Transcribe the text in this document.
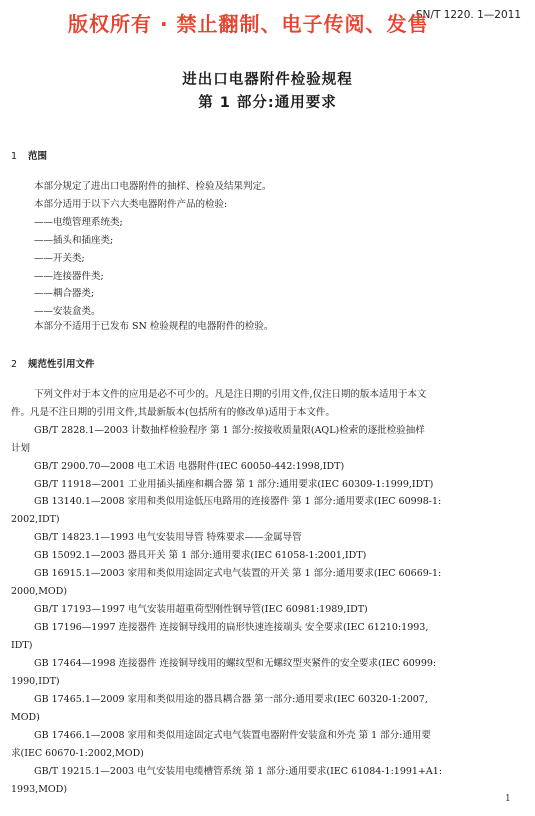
版权所有 · 禁止翻制、电子传阅、发售
SN/T 1220. 1—2011
进出口电器附件检验规程
第 1 部分:通用要求
1 范围
本部分规定了进出口电器附件的抽样、检验及结果判定。
本部分适用于以下六大类电器附件产品的检验:
——电缆管理系统类;
——插头和插座类;
——开关类;
——连接器件类;
——耦合器类;
——安装盒类。
本部分不适用于已发布 SN 检验规程的电器附件的检验。
2 规范性引用文件
下列文件对于本文件的应用是必不可少的。凡是注日期的引用文件,仅注日期的版本适用于本文
件。凡是不注日期的引用文件,其最新版本(包括所有的修改单)适用于本文件。
GB/T 2828.1—2003 计数抽样检验程序 第 1 部分:按接收质量限(AQL)检索的逐批检验抽样
计划
GB/T 2900.70—2008 电工术语 电器附件(IEC 60050-442:1998,IDT)
GB/T 11918—2001 工业用插头插座和耦合器 第 1 部分:通用要求(IEC 60309-1:1999,IDT)
GB 13140.1—2008 家用和类似用途低压电路用的连接器件 第 1 部分:通用要求(IEC 60998-1:
2002,IDT)
GB/T 14823.1—1993 电气安装用导管 特殊要求——金属导管
GB 15092.1—2003 器具开关 第 1 部分:通用要求(IEC 61058-1:2001,IDT)
GB 16915.1—2003 家用和类似用途固定式电气装置的开关 第 1 部分:通用要求(IEC 60669-1:
2000,MOD)
GB/T 17193—1997 电气安装用超重荷型刚性钢导管(IEC 60981:1989,IDT)
GB 17196—1997 连接器件 连接铜导线用的扁形快速连接端头 安全要求(IEC 61210:1993,
IDT)
GB 17464—1998 连接器件 连接铜导线用的螺纹型和无螺纹型夹紧件的安全要求(IEC 60999:
1990,IDT)
GB 17465.1—2009 家用和类似用途的器具耦合器 第一部分:通用要求(IEC 60320-1:2007,
MOD)
GB 17466.1—2008 家用和类似用途固定式电气装置电器附件安装盒和外壳 第 1 部分:通用要
求(IEC 60670-1:2002,MOD)
GB/T 19215.1—2003 电气安装用电缆槽管系统 第 1 部分:通用要求(IEC 61084-1:1991+A1:
1993,MOD)
1
